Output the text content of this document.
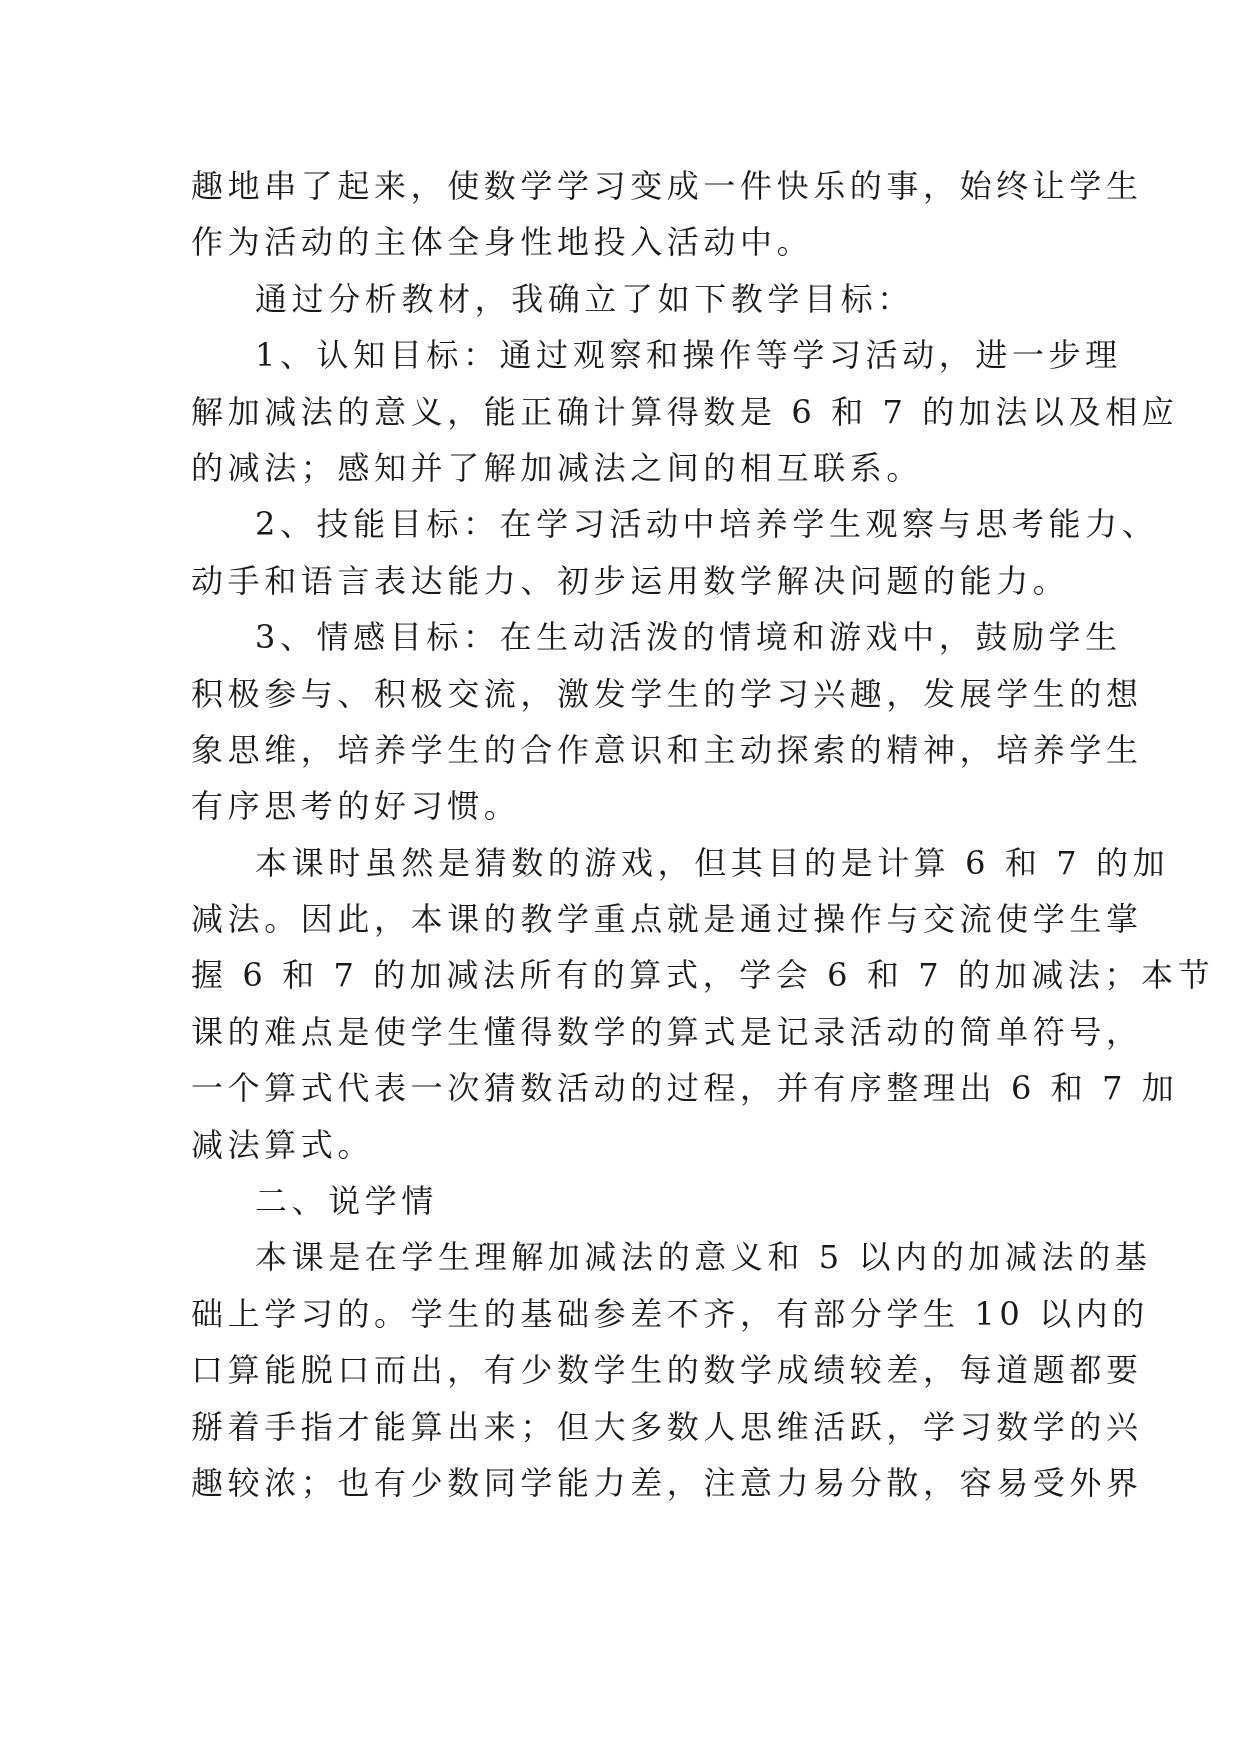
趣地串了起来，使数学学习变成一件快乐的事，始终让学生
作为活动的主体全身性地投入活动中。
通过分析教材，我确立了如下教学目标：
1、认知目标：通过观察和操作等学习活动，进一步理
解加减法的意义，能正确计算得数是 6 和 7 的加法以及相应
的减法；感知并了解加减法之间的相互联系。
2、技能目标：在学习活动中培养学生观察与思考能力、
动手和语言表达能力、初步运用数学解决问题的能力。
3、情感目标：在生动活泼的情境和游戏中，鼓励学生
积极参与、积极交流，激发学生的学习兴趣，发展学生的想
象思维，培养学生的合作意识和主动探索的精神，培养学生
有序思考的好习惯。
本课时虽然是猜数的游戏，但其目的是计算 6 和 7 的加
减法。因此，本课的教学重点就是通过操作与交流使学生掌
握 6 和 7 的加减法所有的算式，学会 6 和 7 的加减法；本节
课的难点是使学生懂得数学的算式是记录活动的简单符号，
一个算式代表一次猜数活动的过程，并有序整理出 6 和 7 加
减法算式。
二、说学情
本课是在学生理解加减法的意义和 5 以内的加减法的基
础上学习的。学生的基础参差不齐，有部分学生 10 以内的
口算能脱口而出，有少数学生的数学成绩较差，每道题都要
掰着手指才能算出来；但大多数人思维活跃，学习数学的兴
趣较浓；也有少数同学能力差，注意力易分散，容易受外界
